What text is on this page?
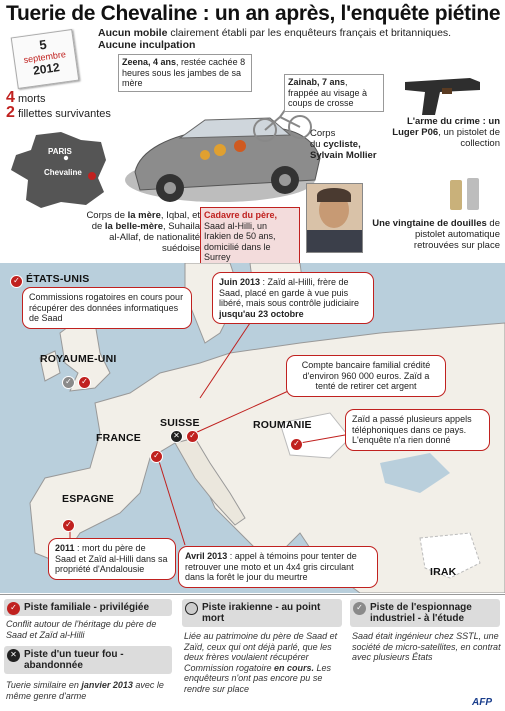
Tuerie de Chevaline : un an après, l'enquête piétine
Aucun mobile clairement établi par les enquêteurs français et britanniques.
Aucune inculpation
5
septembre
2012
4 morts
2 fillettes survivantes
PARIS
Chevaline
Zeena, 4 ans, restée cachée 8 heures sous les jambes de sa mère	Zainab, 7 ans, frappée au visage à coups de crosse
Corps
du cycliste,
Sylvain Mollier
Corps de la mère, Iqbal, et de la belle-mère, Suhaila al-Allaf, de nationalité suédoise
Cadavre du père, Saad al-Hilli, un Irakien de 50 ans, domicilié dans le Surrey
L'arme du crime : un Luger P06, un pistolet de collection
Une vingtaine de douilles de pistolet automatique retrouvées sur place
ÉTATS-UNIS
ROYAUME-UNI
FRANCE
SUISSE	ROUMANIE
ESPAGNE
IRAK
✓
✓	✓
✕	✓
✓
✓
✓
Commissions rogatoires en cours pour récupérer des données informatiques de Saad
Juin 2013 : Zaïd al-Hilli, frère de Saad, placé en garde à vue puis libéré, mais sous contrôle judiciaire jusqu'au 23 octobre
Compte bancaire familial crédité d'environ 960 000 euros. Zaïd a tenté de retirer cet argent
Zaïd a passé plusieurs appels téléphoniques dans ce pays. L'enquête n'a rien donné
2011 : mort du père de Saad et Zaïd al-Hilli dans sa propriété d'Andalousie
Avril 2013 : appel à témoins pour tenter de retrouver une moto et un 4x4 gris circulant dans la forêt le jour du meurtre
✓ Piste familiale - privilégiée
Conflit autour de l'héritage du père de Saad et Zaïd al-Hilli
✕ Piste d'un tueur fou - abandonnée
Tuerie similaire en janvier 2013 avec le même genre d'arme
Piste irakienne - au point mort
Liée au patrimoine du père de Saad et Zaïd, ceux qui ont déjà parlé, que les deux frères voulaient récupérer Commission rogatoire en cours. Les enquêteurs n'ont pas encore pu se rendre sur place
✓ Piste de l'espionnage industriel - à l'étude
Saad était ingénieur chez SSTL, une société de micro-satellites, en contrat avec plusieurs États
AFP
